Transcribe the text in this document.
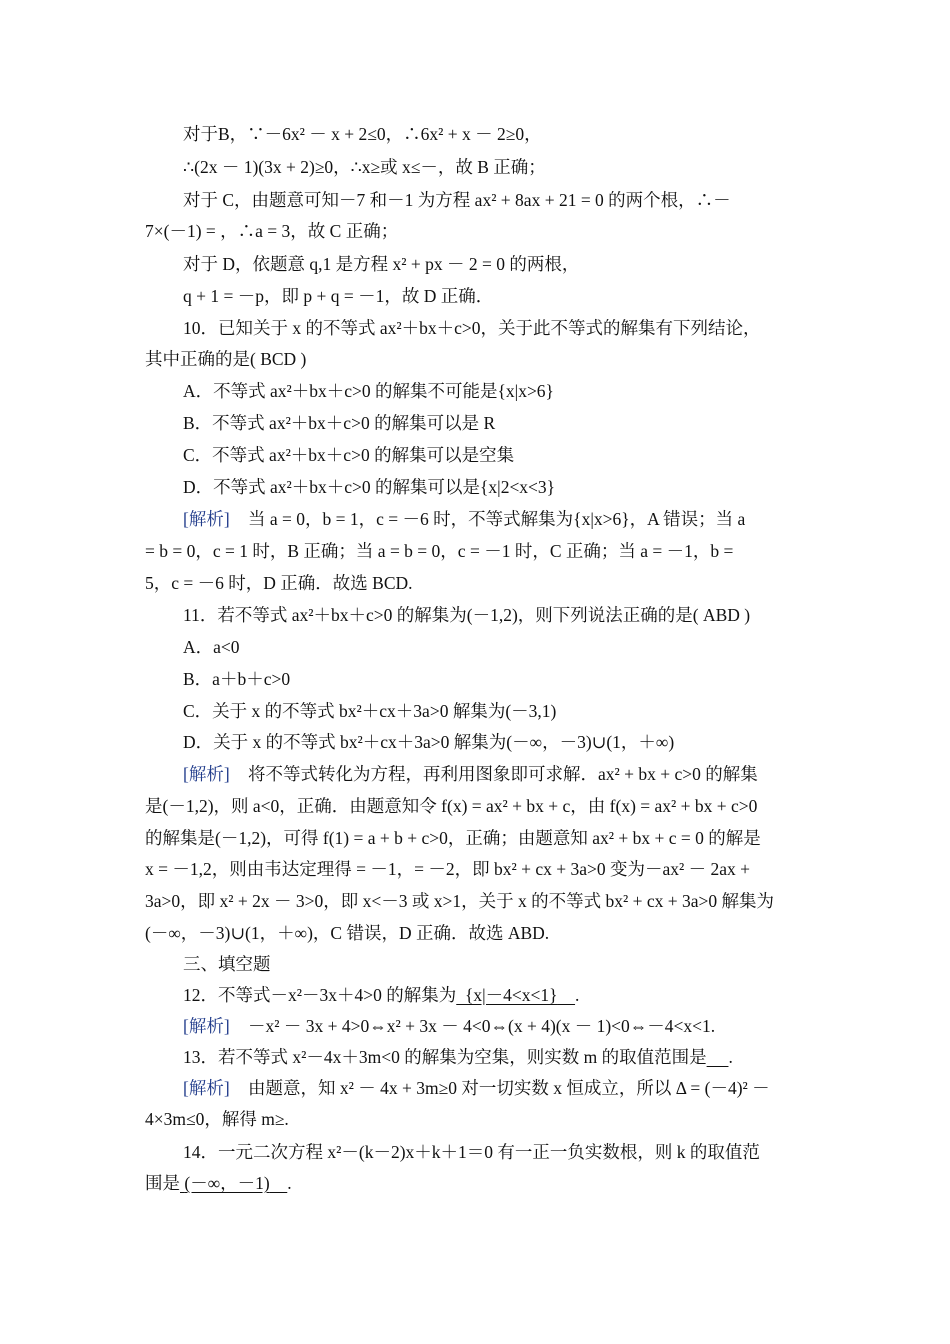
对于B，∵－6x² － x + 2≤0，∴6x² + x － 2≥0，
∴(2x － 1)(3x + 2)≥0，∴x≥或 x≤－，故 B 正确；
对于 C，由题意可知－7 和－1 为方程 ax² + 8ax + 21 = 0 的两个根，∴－
7×(－1) = ，∴a = 3，故 C 正确；
对于 D，依题意 q,1 是方程 x² + px － 2 = 0 的两根，
q + 1 = －p，即 p + q = －1，故 D 正确．
10．已知关于 x 的不等式 ax²＋bx＋c>0，关于此不等式的解集有下列结论，
其中正确的是( BCD )
A．不等式 ax²＋bx＋c>0 的解集不可能是{x|x>6}
B．不等式 ax²＋bx＋c>0 的解集可以是 R
C．不等式 ax²＋bx＋c>0 的解集可以是空集
D．不等式 ax²＋bx＋c>0 的解集可以是{x|2<x<3}
[解析] 当 a = 0，b = 1，c = －6 时，不等式解集为{x|x>6}，A 错误；当 a
= b = 0，c = 1 时，B 正确；当 a = b = 0，c = －1 时，C 正确；当 a = －1，b =
5，c = －6 时，D 正确．故选 BCD.
11．若不等式 ax²＋bx＋c>0 的解集为(－1,2)，则下列说法正确的是( ABD )
A．a<0
B．a＋b＋c>0
C．关于 x 的不等式 bx²＋cx＋3a>0 解集为(－3,1)
D．关于 x 的不等式 bx²＋cx＋3a>0 解集为(－∞，－3)∪(1，＋∞)
[解析] 将不等式转化为方程，再利用图象即可求解．ax² + bx + c>0 的解集
是(－1,2)，则 a<0，正确．由题意知令 f(x) = ax² + bx + c，由 f(x) = ax² + bx + c>0
的解集是(－1,2)，可得 f(1) = a + b + c>0，正确；由题意知 ax² + bx + c = 0 的解是
x = －1,2，则由韦达定理得 = －1，= －2，即 bx² + cx + 3a>0 变为－ax² － 2ax +
3a>0，即 x² + 2x － 3>0，即 x<－3 或 x>1，关于 x 的不等式 bx² + cx + 3a>0 解集为
(－∞，－3)∪(1，＋∞)，C 错误，D 正确．故选 ABD.
三、填空题
12．不等式－x²－3x＋4>0 的解集为 {x|－4<x<1} .
[解析] －x² － 3x + 4>0⇔x² + 3x － 4<0⇔(x + 4)(x － 1)<0⇔－4<x<1.
13．若不等式 x²－4x＋3m<0 的解集为空集，则实数 m 的取值范围是 .
[解析] 由题意，知 x² － 4x + 3m≥0 对一切实数 x 恒成立，所以 Δ = (－4)² －
4×3m≤0，解得 m≥.
14．一元二次方程 x²－(k－2)x＋k＋1＝0 有一正一负实数根，则 k 的取值范
围是 (－∞，－1) .
